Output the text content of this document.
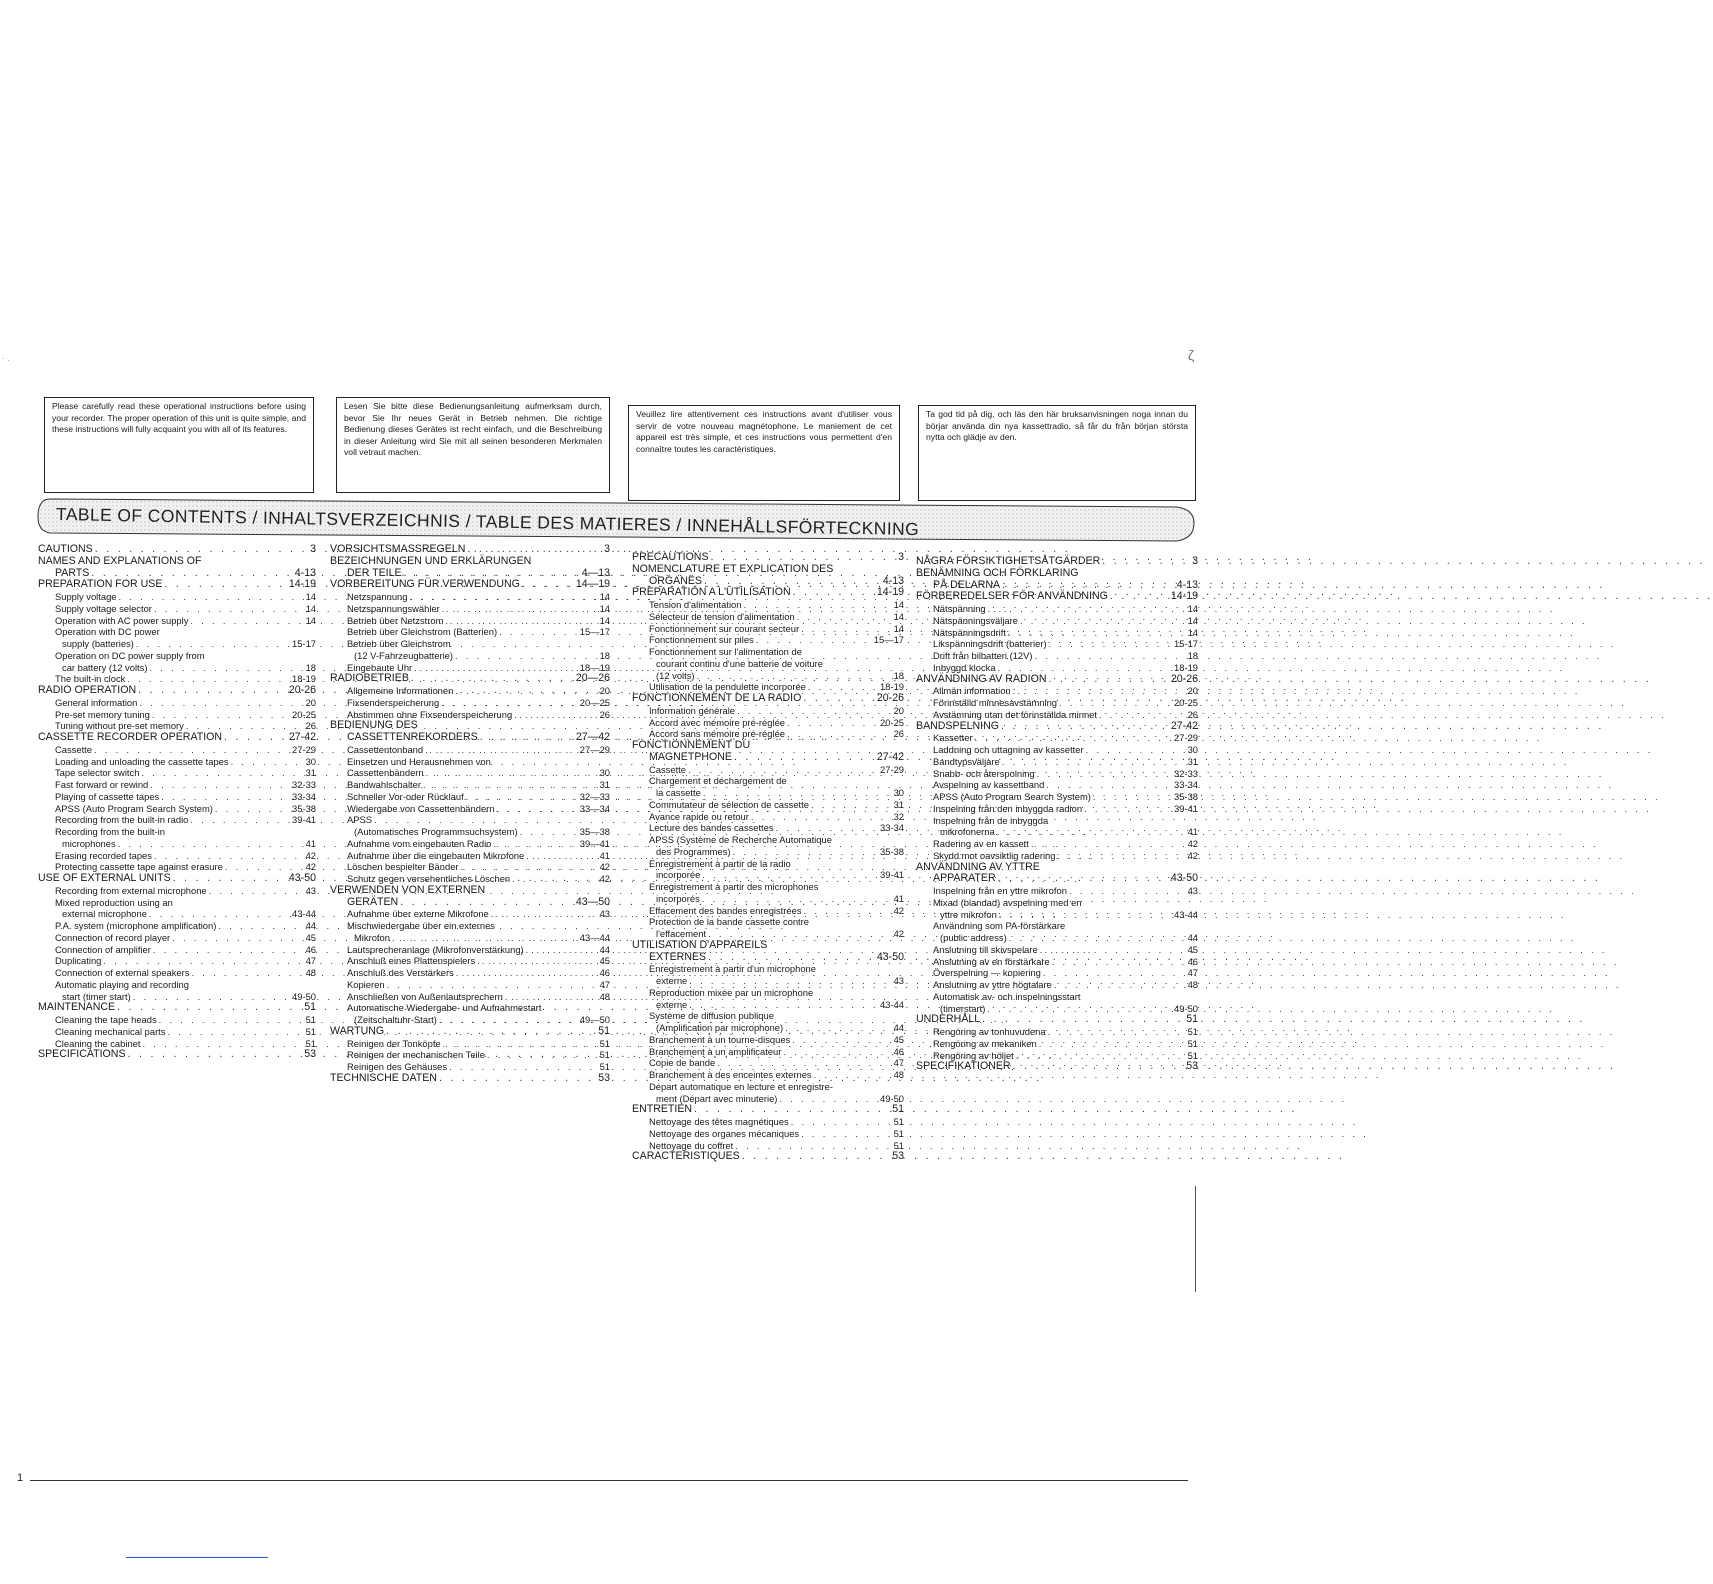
· .	ζ
Please carefully read these operational instructions before using your recorder. The proper operation of this unit is quite simple, and these instructions will fully acquaint you with all of its features.
Lesen Sie bitte diese Bedienungsanleitung aufmerksam durch, bevor Sie Ihr neues Gerät in Betrieb nehmen. Die richtige Bedienung dieses Gerätes ist recht einfach, und die Beschreibung in dieser Anleitung wird Sie mit all seinen besonderen Merkmalen voll vetraut machen.
Veuillez lire attentivement ces instructions avant d'utiliser vous servir de votre nouveau magnétophone. Le maniement de cet appareil est très simple, et ces instructions vous permettent d'en connaître toutes les caractéristiques.
Ta god tid på dig, och läs den här bruksanvisningen noga innan du börjar använda din nya kassettradio, så får du från början största nytta och glädje av den.
TABLE OF CONTENTS / INHALTSVERZEICHNIS / TABLE DES MATIERES / INNEHÅLLSFÖRTECKNING
CAUTIONS . . .	3
NAMES AND EXPLANATIONS OF
PARTS . . .	4-13
PREPARATION FOR USE . . .	14-19
Supply voltage . . .	14
Supply voltage selector . . .	14
Operation with AC power supply . . .	14
Operation with DC power
supply (batteries) . . .	15-17
Operation on DC power supply from
car battery (12 volts) . . .	18
The built-in clock . . .	18-19
RADIO OPERATION . . .	20-26
General information . . .	20
Pre-set memory tuning . . .	20-25
Tuning without pre-set memory . . .	26
CASSETTE RECORDER OPERATION . . .	27-42
Cassette . . .	27-29
Loading and unloading the cassette tapes . . .	30
Tape selector switch . . .	31
Fast forward or rewind . . .	32-33
Playing of cassette tapes . . .	33-34
APSS (Auto Program Search System) . . .	35-38
Recording from the built-in radio . . .	39-41
Recording from the built-in
microphones . . .	41
Erasing recorded tapes . . .	42
Protecting cassette tape against erasure . . .	42
USE OF EXTERNAL UNITS . . .	43-50
Recording from external microphone . . .	43
Mixed reproduction using an
external microphone . . .	43-44
P.A. system (microphone amplification) . . .	44
Connection of record player . . .	45
Connection of amplifier . . .	46
Duplicating . . .	47
Connection of external speakers . . .	48
Automatic playing and recording
start (timer start) . . .	49-50
MAINTENANCE . . .	51
Cleaning the tape heads . . .	51
Cleaning mechanical parts . . .	51
Cleaning the cabinet . . .	51
SPECIFICATIONS . . .	53
VORSICHTSMASSREGELN . . .	3
BEZEICHNUNGEN UND ERKLÄRUNGEN
DER TEILE . . .	4—13
VORBEREITUNG FÜR VERWENDUNG . . .	14—19
Netzspannung . . .	14
Netzspannungswähler . . .	14
Betrieb über Netzstrom . . .	14
Betrieb über Gleichstrom (Batterien) . . .	15—17
Betrieb über Gleichstrom
(12 V-Fahrzeugbatterie) . . .	18
Eingebaute Uhr . . .	18—19
RADIOBETRIEB . . .	20—26
Allgemeine Informationen . . .	20
Fixsenderspeicherung . . .	20—25
Abstimmen ohne Fixsenderspeicherung . . .	26
BEDIENUNG DES
CASSETTENREKORDERS . . .	27—42
Cassettentonband . . .	27—29
Einsetzen und Herausnehmen von
Cassettenbändern . . .	30
Bandwahlschalter . . .	31
Schneller Vor-oder Rücklauf . . .	32—33
Wiedergabe von Cassettenbändern . . .	33—34
APSS
(Automatisches Programmsuchsystem) . . .	35—38
Aufnahme vom eingebauten Radio . . .	39—41
Aufnahme über die eingebauten Mikrofone . . .	41
Löschen bespielter Bänder . . .	42
Schutz gegen versehentliches Löschen . . .	42
VERWENDEN VON EXTERNEN
GERÄTEN . . .	43—50
Aufnahme über externe Mikrofone . . .	43
Mischwiedergabe über ein externes
Mikrofon . . .	43—44
Lautsprecheranlage (Mikrofonverstärkung) . . .	44
Anschluß eines Plattenspielers . . .	45
Anschluß des Verstärkers . . .	46
Kopieren . . .	47
Anschließen von Außenlautsprechern . . .	48
Automatische Wiedergabe- und Aufnahmestart
(Zeitschaltuhr-Start) . . .	49—50
WARTUNG . . .	51
Reinigen der Tonköpfe . . .	51
Reinigen der mechanischen Teile . . .	51
Reinigen des Gehäuses . . .	51
TECHNISCHE DATEN . . .	53
PRECAUTIONS . . .	3
NOMENCLATURE ET EXPLICATION DES
ORGANES . . .	4-13
PREPARATION A L'UTILISATION . . .	14-19
Tension d'alimentation . . .	14
Sélecteur de tension d'alimentation . . .	14
Fonctionnement sur courant secteur . . .	14
Fonctionnement sur piles . . .	15—17
Fonctionnement sur l'alimentation de
courant continu d'une batterie de voiture
(12 volts) . . .	18
Utilisation de la pendulette incorporée . . .	18-19
FONCTIONNEMENT DE LA RADIO . . .	20-26
Information générale . . .	20
Accord avec mémoire pré-réglée . . .	20-25
Accord sans mémoire pré-réglée . . .	26
FONCTIONNEMENT DU
MAGNETPHONE . . .	27-42
Cassette . . .	27-29
Chargement et déchargement de
la cassette . . .	30
Commutateur de sélection de cassette . . .	31
Avance rapide ou retour . . .	32
Lecture des bandes cassettes . . .	33-34
APSS (Système de Recherche Automatique
des Programmes) . . .	35-38
Enregistrement à partir de la radio
incorporée . . .	39-41
Enregistrement à partir des microphones
incorporés . . .	41
Effacement des bandes enregistrées . . .	42
Protection de la bande cassette contre
l'effacement . . .	42
UTILISATION D'APPAREILS
EXTERNES . . .	43-50
Enregistrement à partir d'un microphone
externe . . .	43
Reproduction mixée par un microphone
externe . . .	43-44
Système de diffusion publique
(Amplification par microphone) . . .	44
Branchement à un tourne-disques . . .	45
Branchement à un amplificateur . . .	46
Copie de bande . . .	47
Branchement à des enceintes externes . . .	48
Départ automatique en lecture et enregistre-
ment (Départ avec minuterie) . . .	49-50
ENTRETIEN . . .	51
Nettoyage des têtes magnétiques . . .	51
Nettoyage des organes mécaniques . . .	51
Nettoyage du coffret . . .	51
CARACTERISTIQUES . . .	53
NÅGRA FÖRSIKTIGHETSÅTGÄRDER . . .	3
BENÄMNING OCH FÖRKLARING
PÅ DELARNA . . .	4-13
FÖRBEREDELSER FÖR ANVÄNDNING . . .	14-19
Nätspänning . . .	14
Nätspänningsväljare . . .	14
Nätspänningsdrift . . .	14
Likspänningsdrift (batterier) . . .	15-17
Drift från bilbatteri (12V) . . .	18
Inbyggd klocka . . .	18-19
ANVÄNDNING AV RADION . . .	20-26
Allmän information . . .	20
Förinställd minnesavstämning . . .	20-25
Avstämning utan det förinställda minnet . . .	26
BANDSPELNING . . .	27-42
Kassetter . . .	27-29
Laddning och uttagning av kassetter . . .	30
Bandtypsväljare . . .	31
Snabb- och återspolning . . .	32-33
Avspelning av kassettband . . .	33-34
APSS (Auto Program Search System) . . .	35-38
Inspelning från den inbyggda radion . . .	39-41
Inspelning från de inbyggda
mikrofonerna . . .	41
Radering av en kassett . . .	42
Skydd mot oavsiktlig radering . . .	42
ANVÄNDNING AV YTTRE
APPARATER . . .	43-50
Inspelning från en yttre mikrofon . . .	43
Mixad (blandad) avspelning med en
yttre mikrofon . . .	43-44
Användning som PA-förstärkare
(public address) . . .	44
Anslutning till skivspelare . . .	45
Anslutning av en förstärkare . . .	46
Överspelning — kopiering . . .	47
Anslutning av yttre högtalare . . .	48
Automatisk av- och inspelningsstart
(timerstart) . . .	49-50
UNDERHÅLL . . .	51
Rengöring av tonhuvudena . . .	51
Rengöring av mekaniken . . .	51
Rengöring av höljet . . .	51
SPECIFIKATIONER . . .	53
1
